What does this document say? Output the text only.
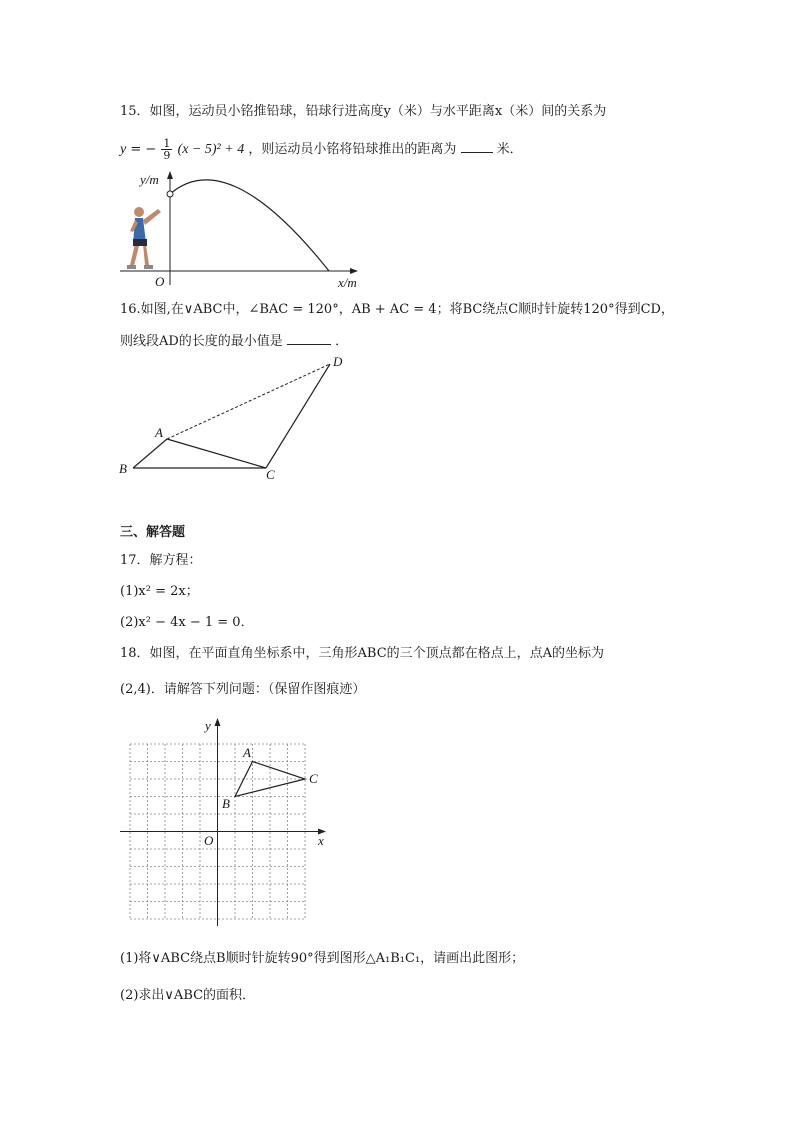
15．如图，运动员小铭推铅球，铅球行进高度y（米）与水平距离x（米）间的关系为
y = − $\frac{1}{9} (x - 5)^2 + 4$ ，则运动员小铭将铅球推出的距离为	米．
y/m
x/m
O
16.如图,在∨ABC中，∠BAC = 120°，AB + AC = 4；将BC绕点C顺时针旋转120°得到CD，
则线段AD的长度的最小值是	．
A
B	C
D
三、解答题
17．解方程：
(1)x² = 2x；
(2)x² − 4x − 1 = 0．
18．如图，在平面直角坐标系中，三角形ABC的三个顶点都在格点上，点A的坐标为
(2,4)．请解答下列问题：（保留作图痕迹）
y
x
O
A
B
C
(1)将∨ABC绕点B顺时针旋转90°得到图形△A₁B₁C₁，请画出此图形；
(2)求出∨ABC的面积．
